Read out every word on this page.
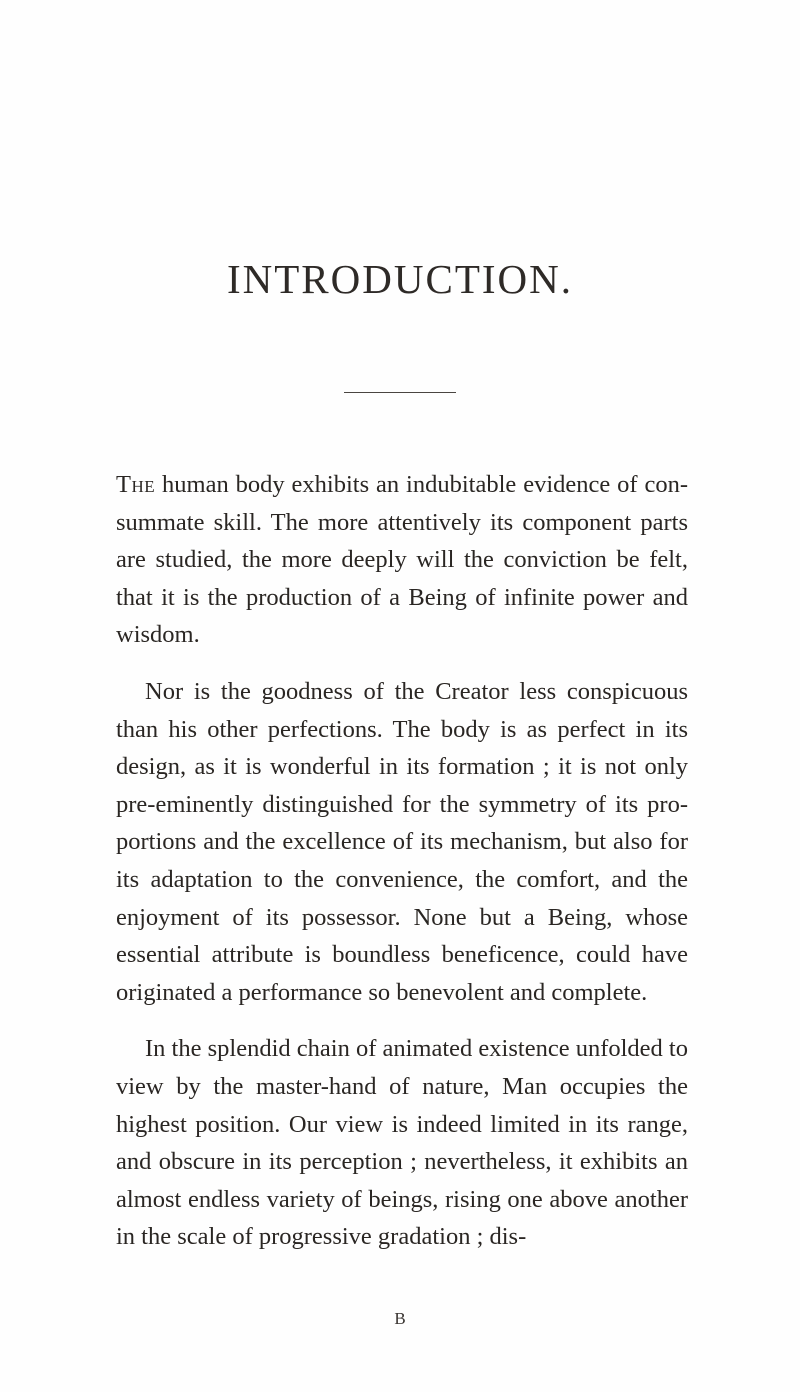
INTRODUCTION.

The human body exhibits an indubitable evidence of con-summate skill. The more attentively its component parts are studied, the more deeply will the conviction be felt, that it is the production of a Being of infinite power and wisdom.

Nor is the goodness of the Creator less conspicuous than his other perfections. The body is as perfect in its design, as it is wonderful in its formation ; it is not only pre-eminently distinguished for the symmetry of its pro-portions and the excellence of its mechanism, but also for its adaptation to the convenience, the comfort, and the enjoyment of its possessor. None but a Being, whose essential attribute is boundless beneficence, could have originated a performance so benevolent and complete.

In the splendid chain of animated existence unfolded to view by the master-hand of nature, Man occupies the highest position. Our view is indeed limited in its range, and obscure in its perception ; nevertheless, it exhibits an almost endless variety of beings, rising one above another in the scale of progressive gradation ; dis-

B
